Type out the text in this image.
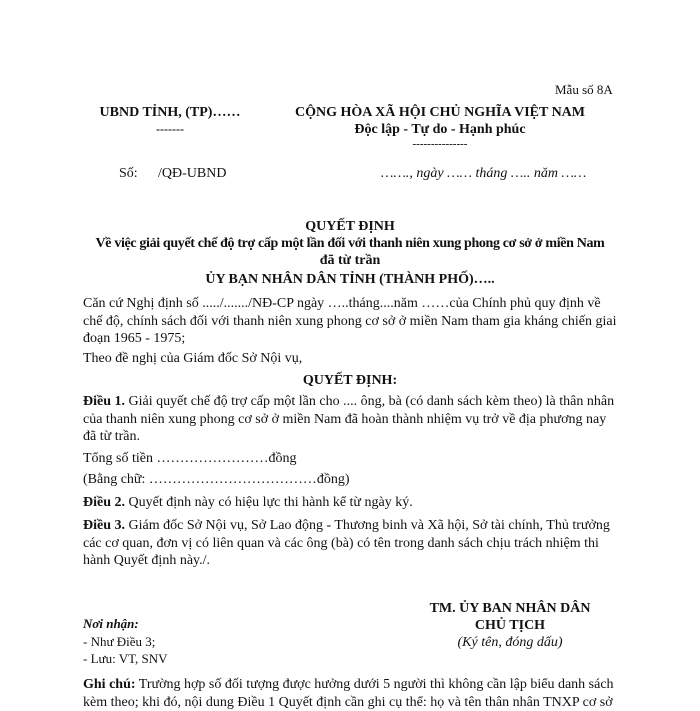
Mẫu số 8A
UBND TỈNH, (TP)……
-------
CỘNG HÒA XÃ HỘI CHỦ NGHĨA VIỆT NAM
Độc lập - Tự do - Hạnh phúc
---------------
Số: /QĐ-UBND	……., ngày …… tháng ….. năm ……
QUYẾT ĐỊNH
Về việc giải quyết chế độ trợ cấp một lần đối với thanh niên xung phong cơ sở ở miền Nam
đã từ trần
ỦY BẠN NHÂN DÂN TỈNH (THÀNH PHỐ)…..
Căn cứ Nghị định số ...../......./NĐ-CP ngày …..tháng....năm ……của Chính phủ quy định về chế độ, chính sách đối với thanh niên xung phong cơ sở ở miền Nam tham gia kháng chiến giai đoạn 1965 - 1975;
Theo đề nghị của Giám đốc Sở Nội vụ,
QUYẾT ĐỊNH:
Điều 1. Giải quyết chế độ trợ cấp một lần cho .... ông, bà (có danh sách kèm theo) là thân nhân của thanh niên xung phong cơ sở ở miền Nam đã hoàn thành nhiệm vụ trở về địa phương nay đã từ trần.
Tổng số tiền ……………………đồng
(Bằng chữ: ………………………………đồng)
Điều 2. Quyết định này có hiệu lực thi hành kể từ ngày ký.
Điều 3. Giám đốc Sở Nội vụ, Sở Lao động - Thương binh và Xã hội, Sở tài chính, Thủ trưởng các cơ quan, đơn vị có liên quan và các ông (bà) có tên trong danh sách chịu trách nhiệm thi hành Quyết định này./.
TM. ỦY BAN NHÂN DÂN
CHỦ TỊCH
(Ký tên, đóng dấu)
Nơi nhận:
- Như Điều 3;
- Lưu: VT, SNV
Ghi chú: Trường hợp số đối tượng được hưởng dưới 5 người thì không cần lập biểu danh sách kèm theo; khi đó, nội dung Điều 1 Quyết định cần ghi cụ thể: họ và tên thân nhân TNXP cơ sở
